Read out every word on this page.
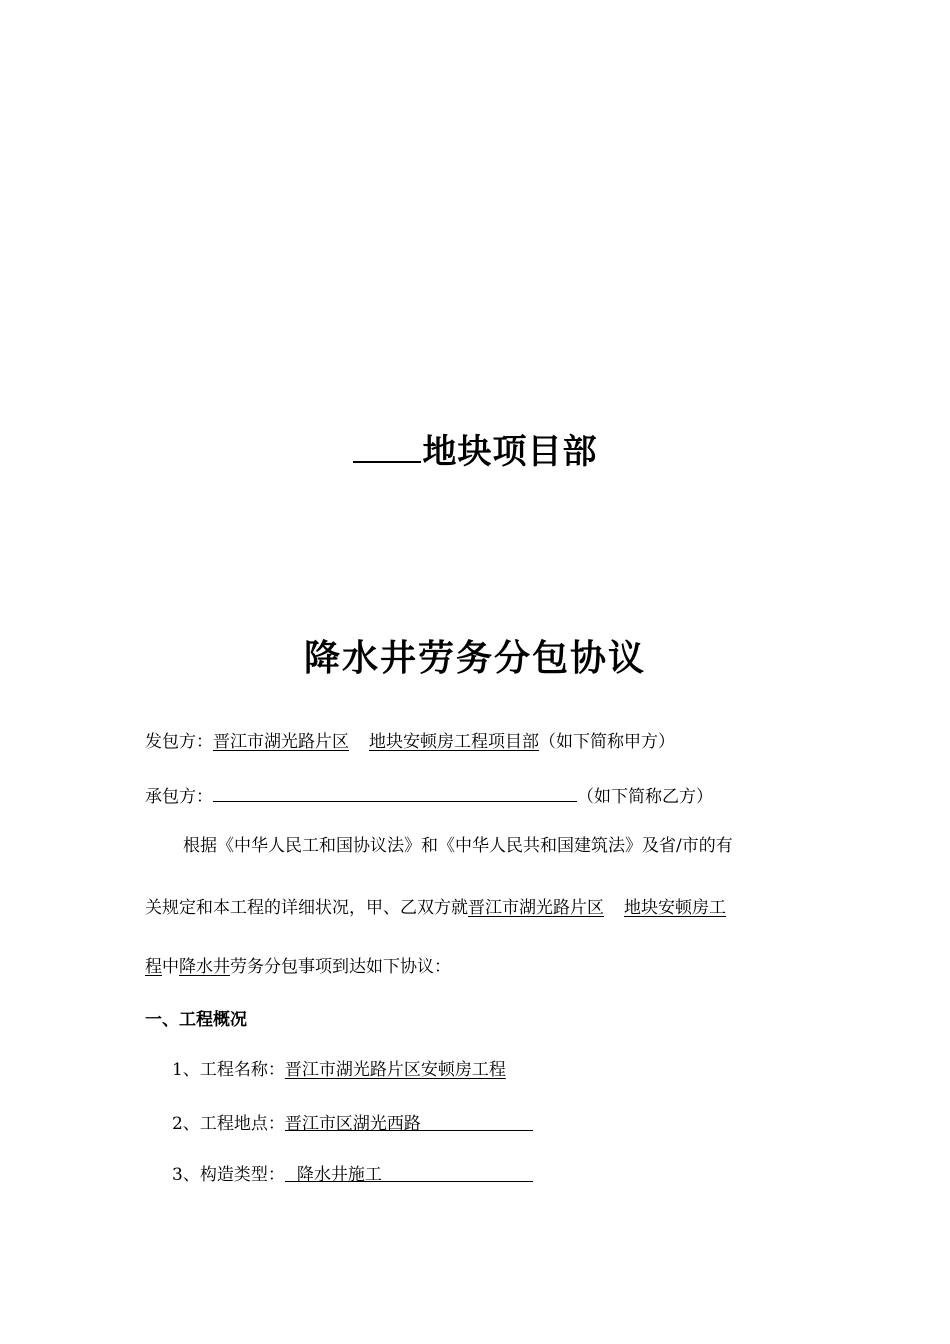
地块项目部
降水井劳务分包协议
发包方：晋江市湖光路片区 地块安顿房工程项目部（如下简称甲方）
承包方：	（如下简称乙方）
根据《中华人民工和国协议法》和《中华人民共和国建筑法》及省/市的有
关规定和本工程的详细状况，甲、乙双方就晋江市湖光路片区 地块安顿房工
程中降水井劳务分包事项到达如下协议：
一、工程概况
1、工程名称：晋江市湖光路片区安顿房工程
2、工程地点：晋江市区湖光西路
3、构造类型： 降水井施工
